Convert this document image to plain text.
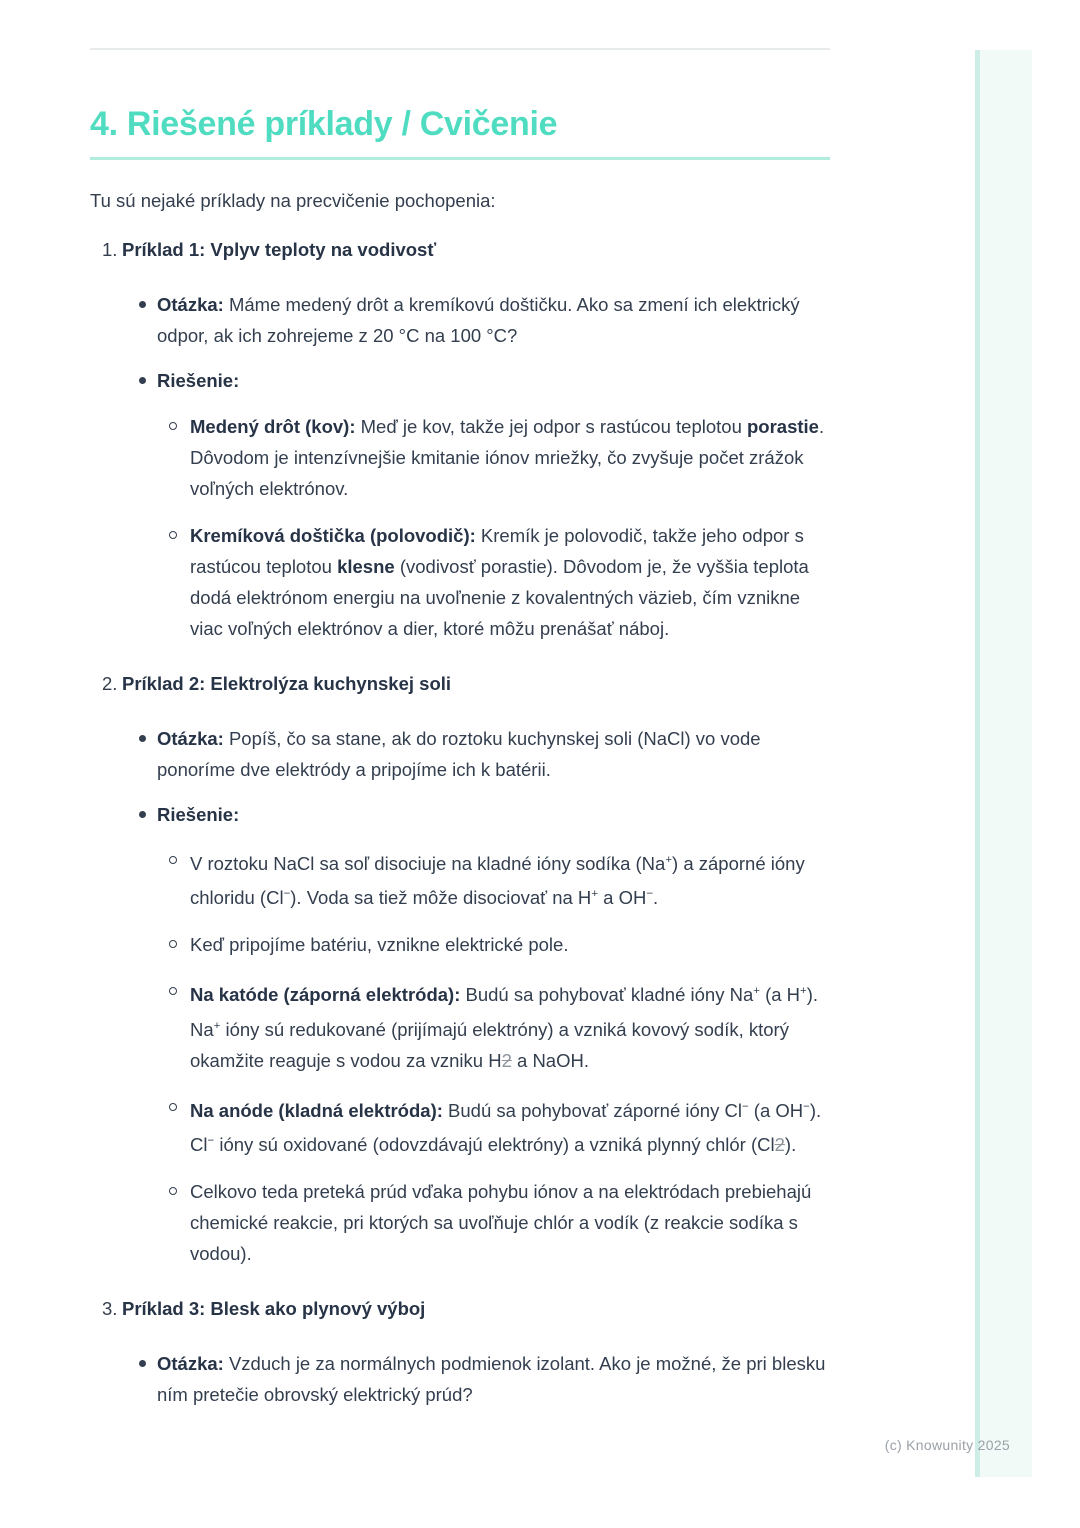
4. Riešené príklady / Cvičenie

Tu sú nejaké príklady na precvičenie pochopenia:

1. Príklad 1: Vplyv teploty na vodivosť
Otázka: Máme medený drôt a kremíkovú doštičku. Ako sa zmení ich elektrický odpor, ak ich zohrejeme z 20 °C na 100 °C?
Riešenie:
Medený drôt (kov): Meď je kov, takže jej odpor s rastúcou teplotou porastie. Dôvodom je intenzívnejšie kmitanie iónov mriežky, čo zvyšuje počet zrážok voľných elektrónov.
Kremíková doštička (polovodič): Kremík je polovodič, takže jeho odpor s rastúcou teplotou klesne (vodivosť porastie). Dôvodom je, že vyššia teplota dodá elektrónom energiu na uvoľnenie z kovalentných väzieb, čím vznikne viac voľných elektrónov a dier, ktoré môžu prenášať náboj.
2. Príklad 2: Elektrolýza kuchynskej soli
Otázka: Popíš, čo sa stane, ak do roztoku kuchynskej soli (NaCl) vo vode ponoríme dve elektródy a pripojíme ich k batérii.
Riešenie:
V roztoku NaCl sa soľ disociuje na kladné ióny sodíka (Na+) a záporné ióny chloridu (Cl−). Voda sa tiež môže disociovať na H+ a OH−.
Keď pripojíme batériu, vznikne elektrické pole.
Na katóde (záporná elektróda): Budú sa pohybovať kladné ióny Na+ (a H+). Na+ ióny sú redukované (prijímajú elektróny) a vzniká kovový sodík, ktorý okamžite reaguje s vodou za vzniku H2 a NaOH.
Na anóde (kladná elektróda): Budú sa pohybovať záporné ióny Cl− (a OH−). Cl− ióny sú oxidované (odovzdávajú elektróny) a vzniká plynný chlór (Cl2).
Celkovo teda preteká prúd vďaka pohybu iónov a na elektródach prebiehajú chemické reakcie, pri ktorých sa uvoľňuje chlór a vodík (z reakcie sodíka s vodou).
3. Príklad 3: Blesk ako plynový výboj
Otázka: Vzduch je za normálnych podmienok izolant. Ako je možné, že pri blesku ním pretečie obrovský elektrický prúd?
(c) Knowunity 2025
